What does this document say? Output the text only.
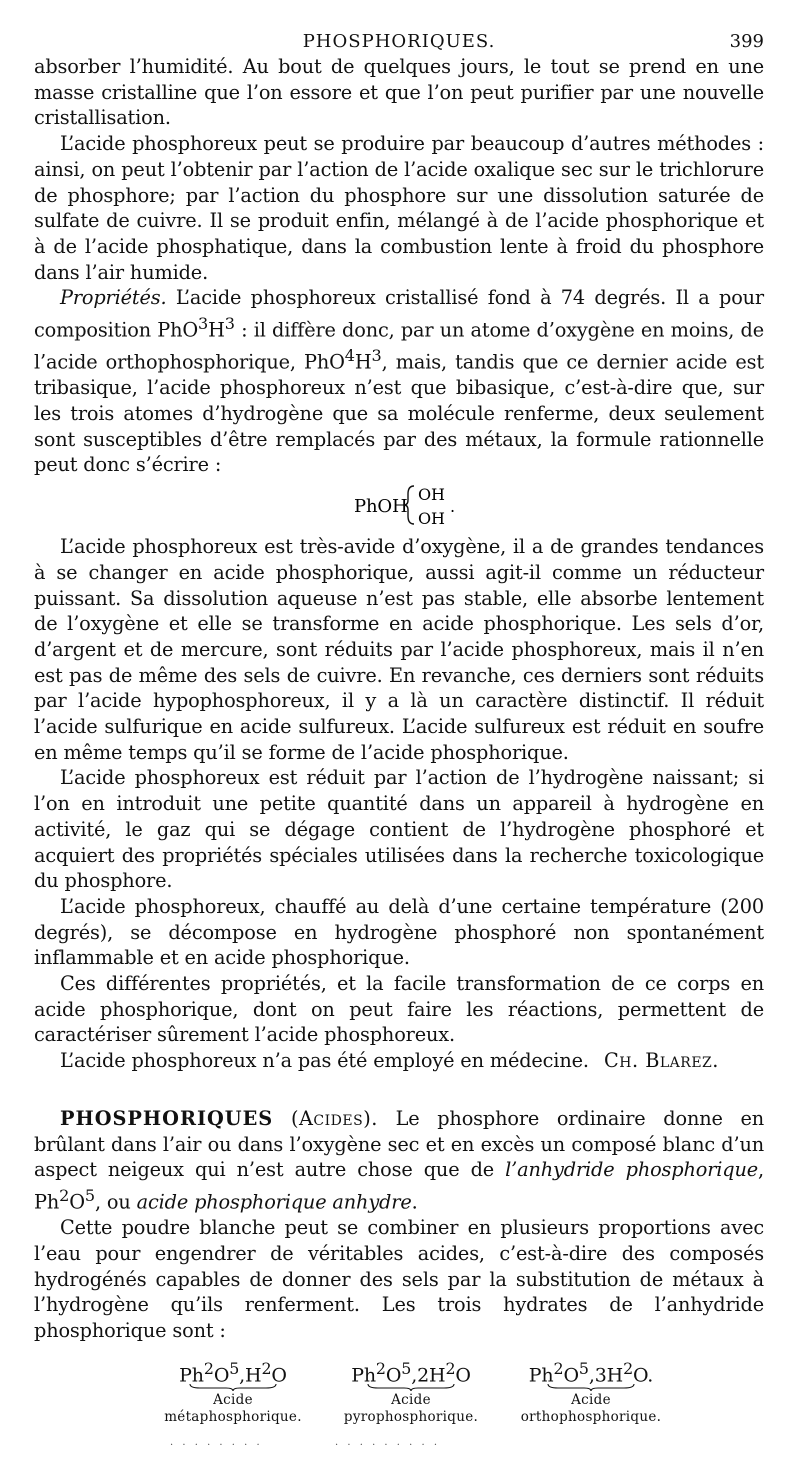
PHOSPHORIQUES.	399

absorber l’humidité. Au bout de quelques jours, le tout se prend en une masse cristalline que l’on essore et que l’on peut purifier par une nouvelle cristallisation.

L’acide phosphoreux peut se produire par beaucoup d’autres méthodes : ainsi, on peut l’obtenir par l’action de l’acide oxalique sec sur le trichlorure de phosphore; par l’action du phosphore sur une dissolution saturée de sulfate de cuivre. Il se produit enfin, mélangé à de l’acide phosphorique et à de l’acide phosphatique, dans la combustion lente à froid du phosphore dans l’air humide.

Propriétés. L’acide phosphoreux cristallisé fond à 74 degrés. Il a pour composition $PhO^3H^3$ : il diffère donc, par un atome d’oxygène en moins, de l’acide orthophosphorique, $PhO^4H^3$, mais, tandis que ce dernier acide est tribasique, l’acide phosphoreux n’est que bibasique, c’est-à-dire que, sur les trois atomes d’hydrogène que sa molécule renferme, deux seulement sont susceptibles d’être remplacés par des métaux, la formule rationnelle peut donc s’écrire :

PhOH
OH
OH
.

L’acide phosphoreux est très-avide d’oxygène, il a de grandes tendances à se changer en acide phosphorique, aussi agit-il comme un réducteur puissant. Sa dissolution aqueuse n’est pas stable, elle absorbe lentement de l’oxygène et elle se transforme en acide phosphorique. Les sels d’or, d’argent et de mercure, sont réduits par l’acide phosphoreux, mais il n’en est pas de même des sels de cuivre. En revanche, ces derniers sont réduits par l’acide hypophosphoreux, il y a là un caractère distinctif. Il réduit l’acide sulfurique en acide sulfureux. L’acide sulfureux est réduit en soufre en même temps qu’il se forme de l’acide phosphorique.

L’acide phosphoreux est réduit par l’action de l’hydrogène naissant; si l’on en introduit une petite quantité dans un appareil à hydrogène en activité, le gaz qui se dégage contient de l’hydrogène phosphoré et acquiert des propriétés spéciales utilisées dans la recherche toxicologique du phosphore.

L’acide phosphoreux, chauffé au delà d’une certaine température (200 degrés), se décompose en hydrogène phosphoré non spontanément inflammable et en acide phosphorique.

Ces différentes propriétés, et la facile transformation de ce corps en acide phosphorique, dont on peut faire les réactions, permettent de caractériser sûrement l’acide phosphoreux.

L’acide phosphoreux n’a pas été employé en médecine. Ch. Blarez.

PHOSPHORIQUES (Acides). Le phosphore ordinaire donne en brûlant dans l’air ou dans l’oxygène sec et en excès un composé blanc d’un aspect neigeux qui n’est autre chose que de l’anhydride phosphorique, $Ph^2O^5$, ou acide phosphorique anhydre.

Cette poudre blanche peut se combiner en plusieurs proportions avec l’eau pour engendrer de véritables acides, c’est-à-dire des composés hydrogénés capables de donner des sels par la substitution de métaux à l’hydrogène qu’ils renferment. Les trois hydrates de l’anhydride phosphorique sont :

$Ph^2O^5,H^2O$
Acide
métaphosphorique.
$Ph^2O^5,2H^2O$
Acide
pyrophosphorique.
$Ph^2O^5,3H^2O$.
Acide
orthophosphorique.
· · · · · · · ·	· · · · · · · · ·
